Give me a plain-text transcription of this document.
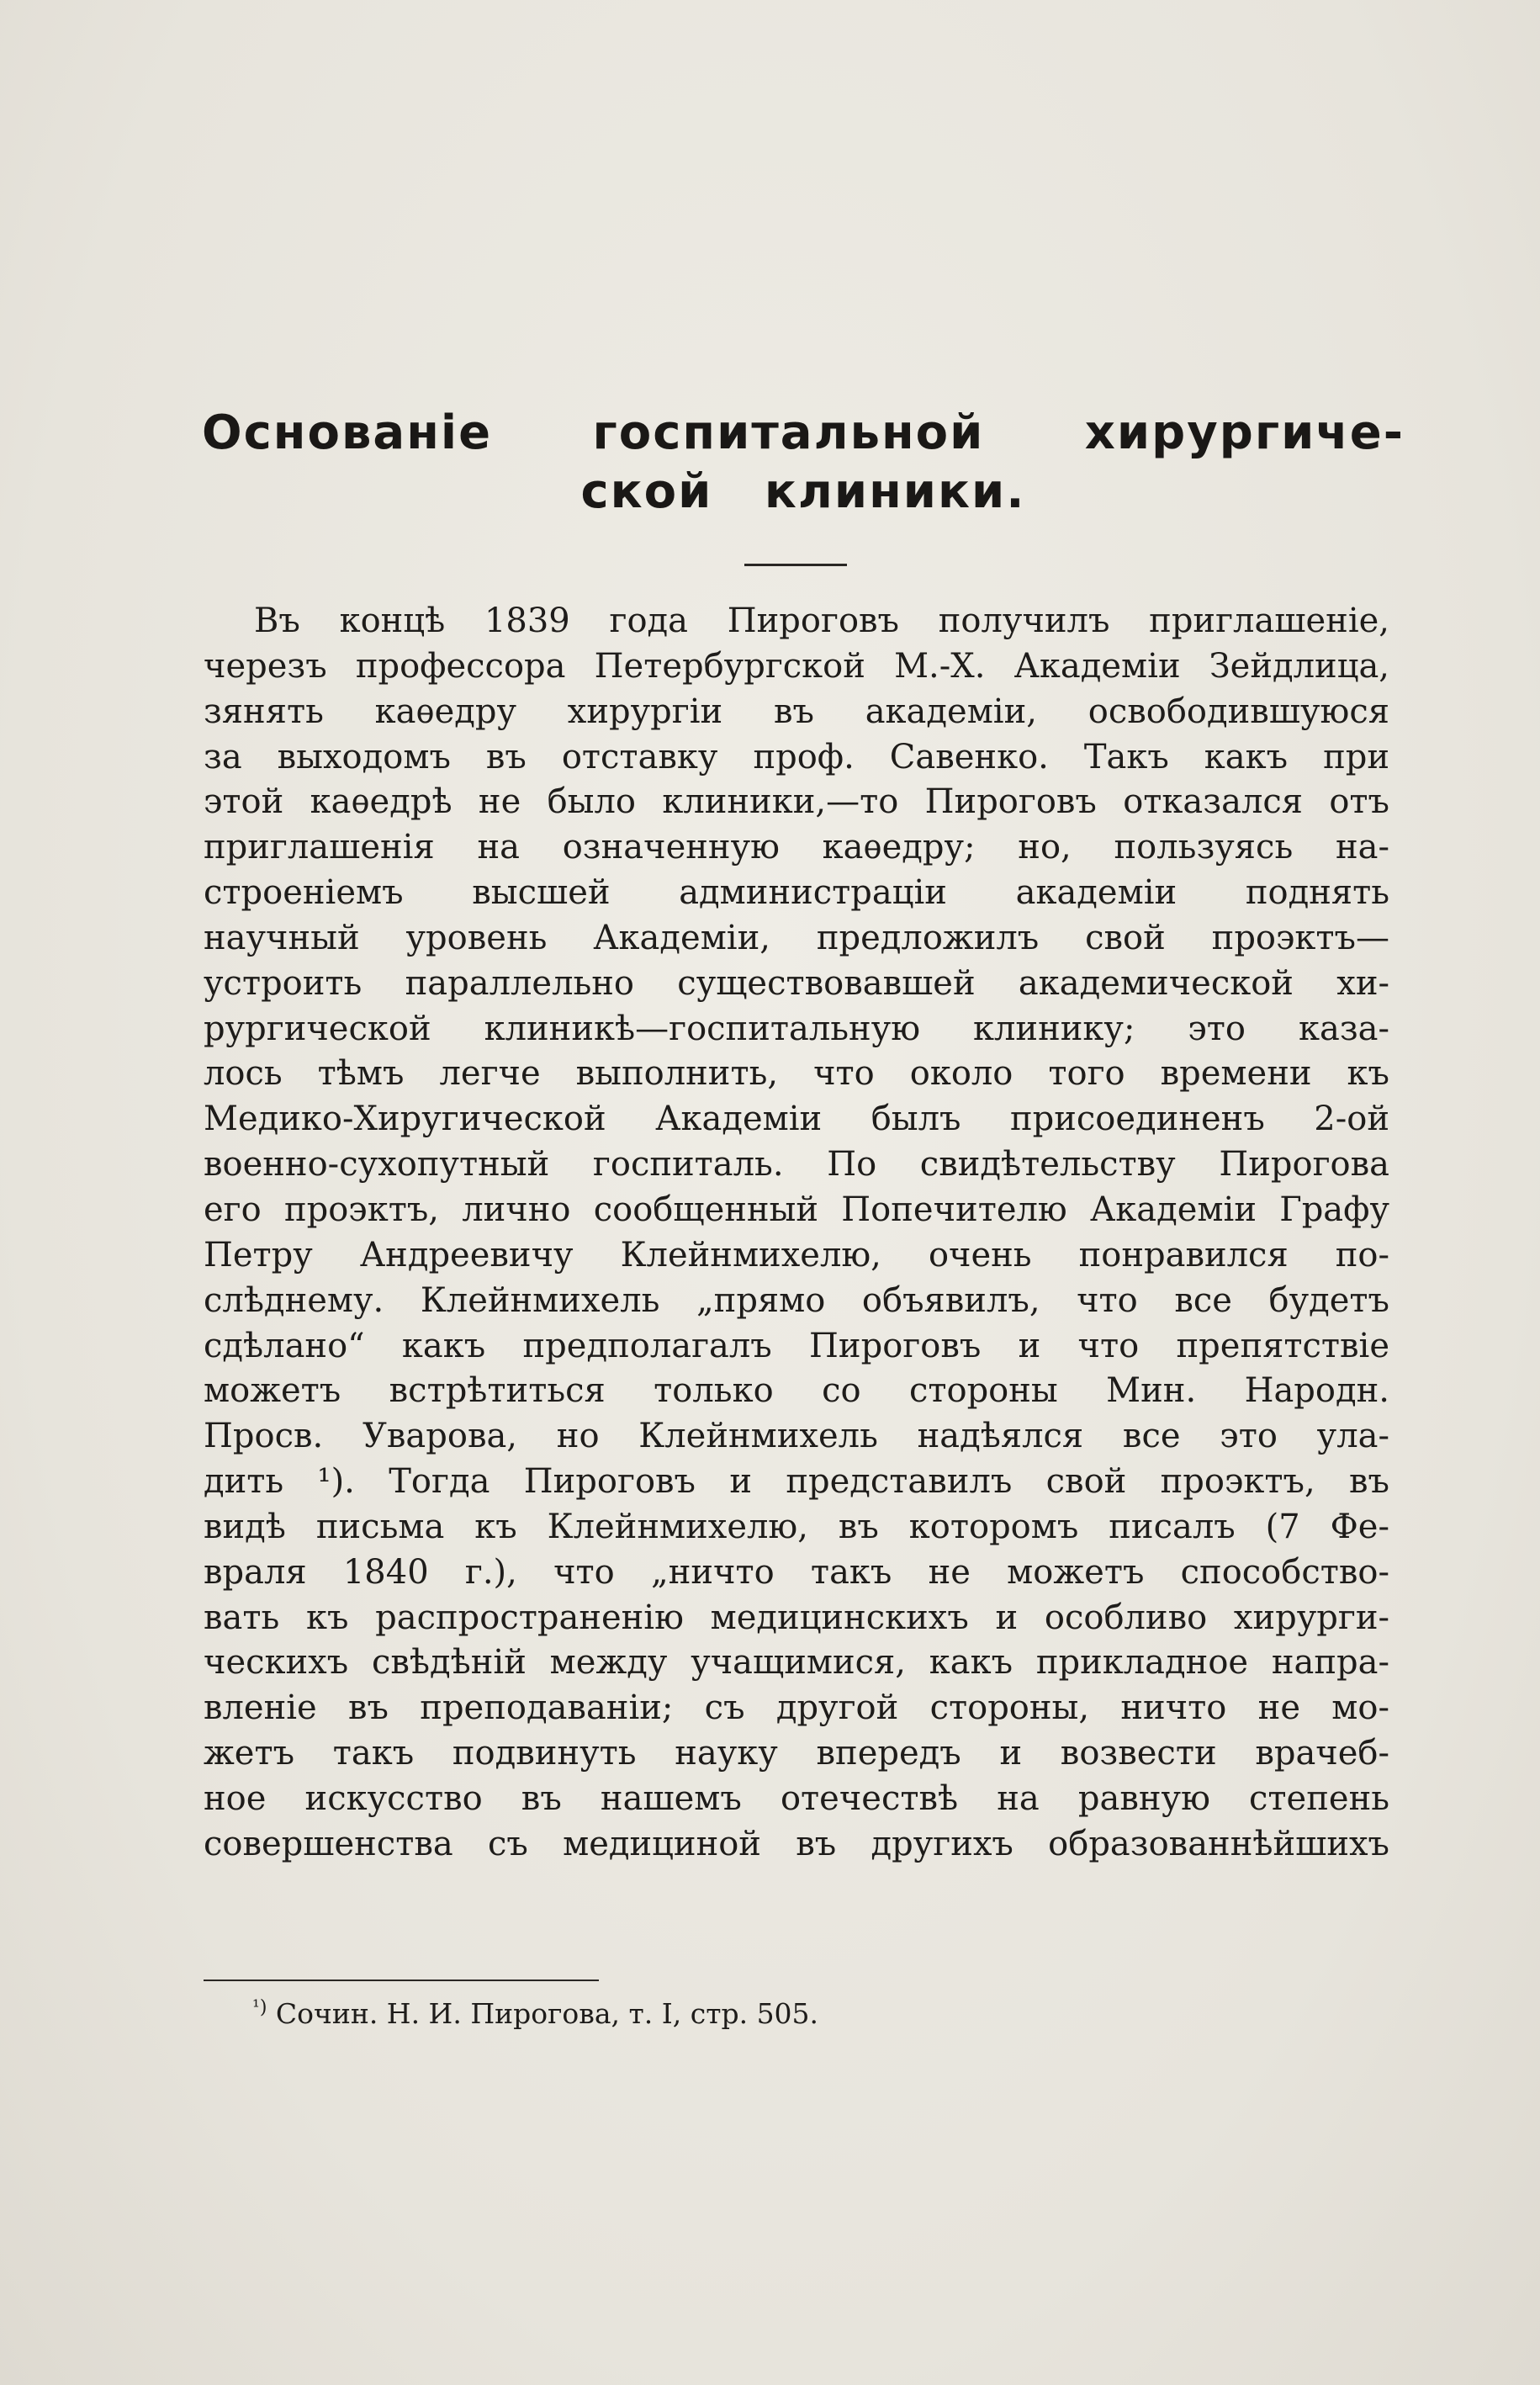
Основаніе госпитальной хирургиче-
ской клиники.
Въ концѣ 1839 года Пироговъ получилъ приглашеніе,
черезъ профессора Петербургской М.-Х. Академіи Зейдлица,
зянять каѳедру хирургіи въ академіи, освободившуюся
за выходомъ въ отставку проф. Савенко. Такъ какъ при
этой каѳедрѣ не было клиники,—то Пироговъ отказался отъ
приглашенія на означенную каѳедру; но, пользуясь на-
строеніемъ высшей администраціи академіи поднять
научный уровень Академіи, предложилъ свой проэктъ—
устроить параллельно существовавшей академической хи-
рургической клиникѣ—госпитальную клинику; это каза-
лось тѣмъ легче выполнить, что около того времени къ
Медико-Хиругической Академіи былъ присоединенъ 2-ой
военно-сухопутный госпиталь. По свидѣтельству Пирогова
его проэктъ, лично сообщенный Попечителю Академіи Графу
Петру Андреевичу Клейнмихелю, очень понравился по-
слѣднему. Клейнмихель „прямо объявилъ, что все будетъ
сдѣлано“ какъ предполагалъ Пироговъ и что препятствіе
можетъ встрѣтиться только со стороны Мин. Народн.
Просв. Уварова, но Клейнмихель надѣялся все это ула-
дить ¹). Тогда Пироговъ и представилъ свой проэктъ, въ
видѣ письма къ Клейнмихелю, въ которомъ писалъ (7 Фе-
враля 1840 г.), что „ничто такъ не можетъ способство-
вать къ распространенію медицинскихъ и особливо хирурги-
ческихъ свѣдѣній между учащимися, какъ прикладное напра-
вленіе въ преподаваніи; съ другой стороны, ничто не мо-
жетъ такъ подвинуть науку впередъ и возвести врачеб-
ное искусство въ нашемъ отечествѣ на равную степень
совершенства съ медициной въ другихъ образованнѣйшихъ
$^{^1)}$ Сочин. Н. И. Пирогова, т. I, стр. 505.
